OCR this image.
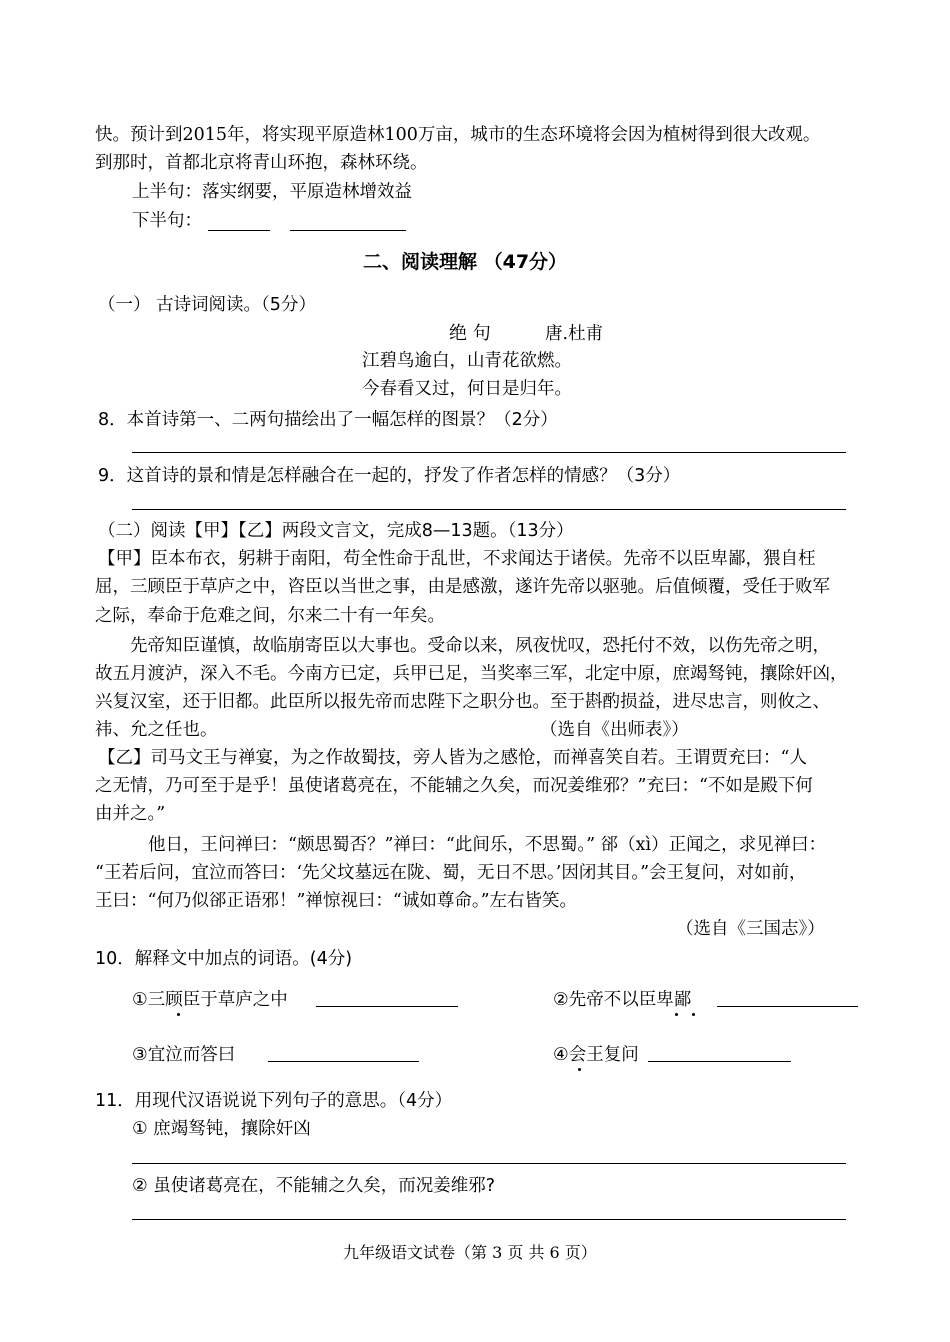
快。预计到2015年，将实现平原造林100万亩，城市的生态环境将会因为植树得到很大改观。
到那时，首都北京将青山环抱，森林环绕。
上半句：落实纲要，平原造林增效益
下半句：
二、阅读理解 （47分）
（一） 古诗词阅读。（5分）
绝 句	唐.杜甫
江碧鸟逾白，山青花欲燃。
今春看又过，何日是归年。
8．本首诗第一、二两句描绘出了一幅怎样的图景？（2分）
9．这首诗的景和情是怎样融合在一起的，抒发了作者怎样的情感？（3分）
（二）阅读【甲】【乙】两段文言文，完成8—13题。（13分）
【甲】臣本布衣，躬耕于南阳，苟全性命于乱世，不求闻达于诸侯。先帝不以臣卑鄙，猥自枉
屈，三顾臣于草庐之中，咨臣以当世之事，由是感激，遂许先帝以驱驰。后值倾覆，受任于败军
之际，奉命于危难之间，尔来二十有一年矣。
先帝知臣谨慎，故临崩寄臣以大事也。受命以来，夙夜忧叹，恐托付不效，以伤先帝之明，
故五月渡泸，深入不毛。今南方已定，兵甲已足，当奖率三军，北定中原，庶竭驽钝，攘除奸凶，
兴复汉室，还于旧都。此臣所以报先帝而忠陛下之职分也。至于斟酌损益，进尽忠言，则攸之、
祎、允之任也。	（选自《出师表》）
【乙】司马文王与禅宴，为之作故蜀技，旁人皆为之感怆，而禅喜笑自若。王谓贾充曰：“人
之无情，乃可至于是乎！虽使诸葛亮在，不能辅之久矣，而况姜维邪？”充曰：“不如是殿下何
由并之。”
他日，王问禅曰：“颇思蜀否？”禅曰：“此间乐，不思蜀。” 郤（xì）正闻之，求见禅曰：
“王若后问，宜泣而答曰：‘先父坟墓远在陇、蜀，无日不思。’因闭其目。”会王复问，对如前，
王曰：“何乃似郤正语邪！”禅惊视曰：“诚如尊命。”左右皆笑。
（选自《三国志》）
10．解释文中加点的词语。(4分)
①三顾臣于草庐之中	②先帝不以臣卑鄙
③宜泣而答曰	④会王复问
11．用现代汉语说说下列句子的意思。（4分）
① 庶竭驽钝，攘除奸凶
② 虽使诸葛亮在，不能辅之久矣，而况姜维邪?
九年级语文试卷（第 3 页 共 6 页）
